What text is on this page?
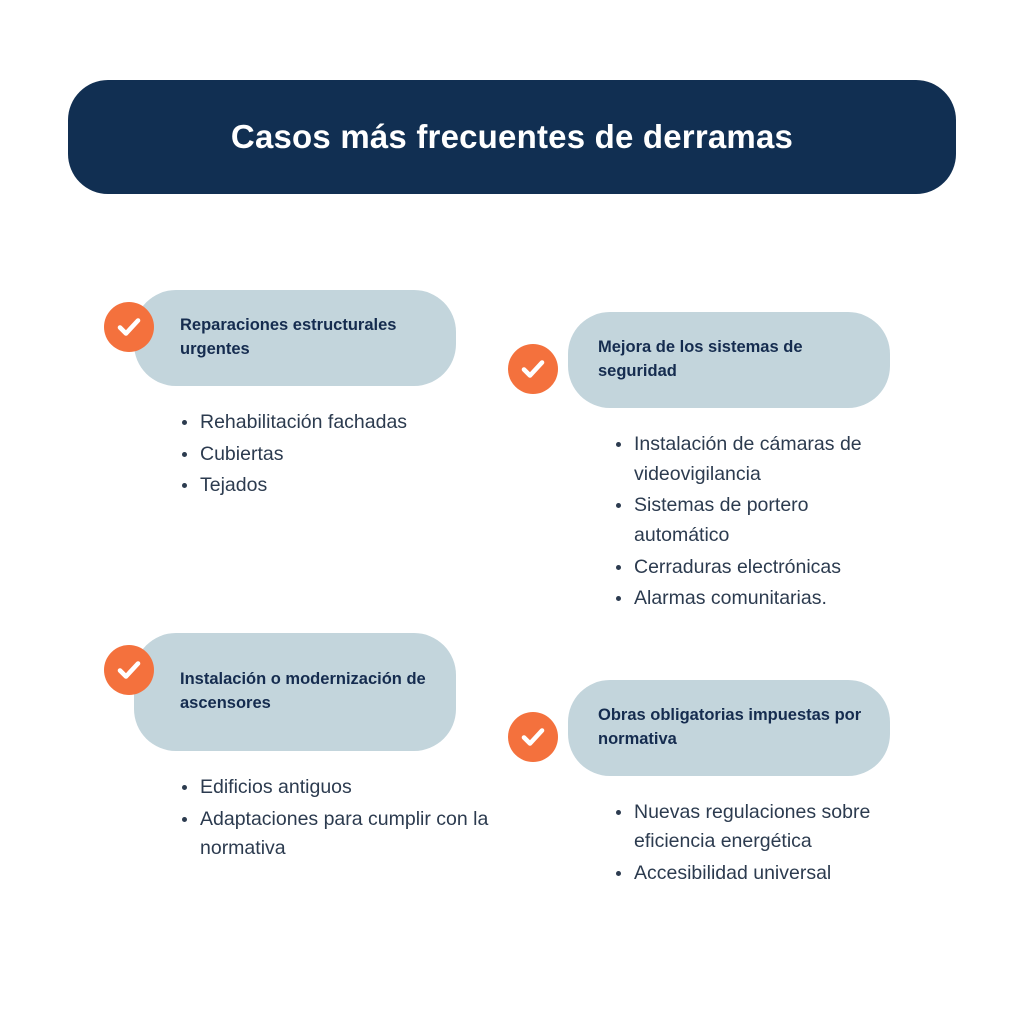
Casos más frecuentes de derramas
Reparaciones estructurales urgentes
Rehabilitación fachadas
Cubiertas
Tejados
Instalación o modernización de ascensores
Edificios antiguos
Adaptaciones para cumplir con la normativa
Mejora de los sistemas de seguridad
Instalación de cámaras de videovigilancia
Sistemas de portero automático
Cerraduras electrónicas
Alarmas comunitarias.
Obras obligatorias impuestas por normativa
Nuevas regulaciones sobre eficiencia energética
Accesibilidad universal
